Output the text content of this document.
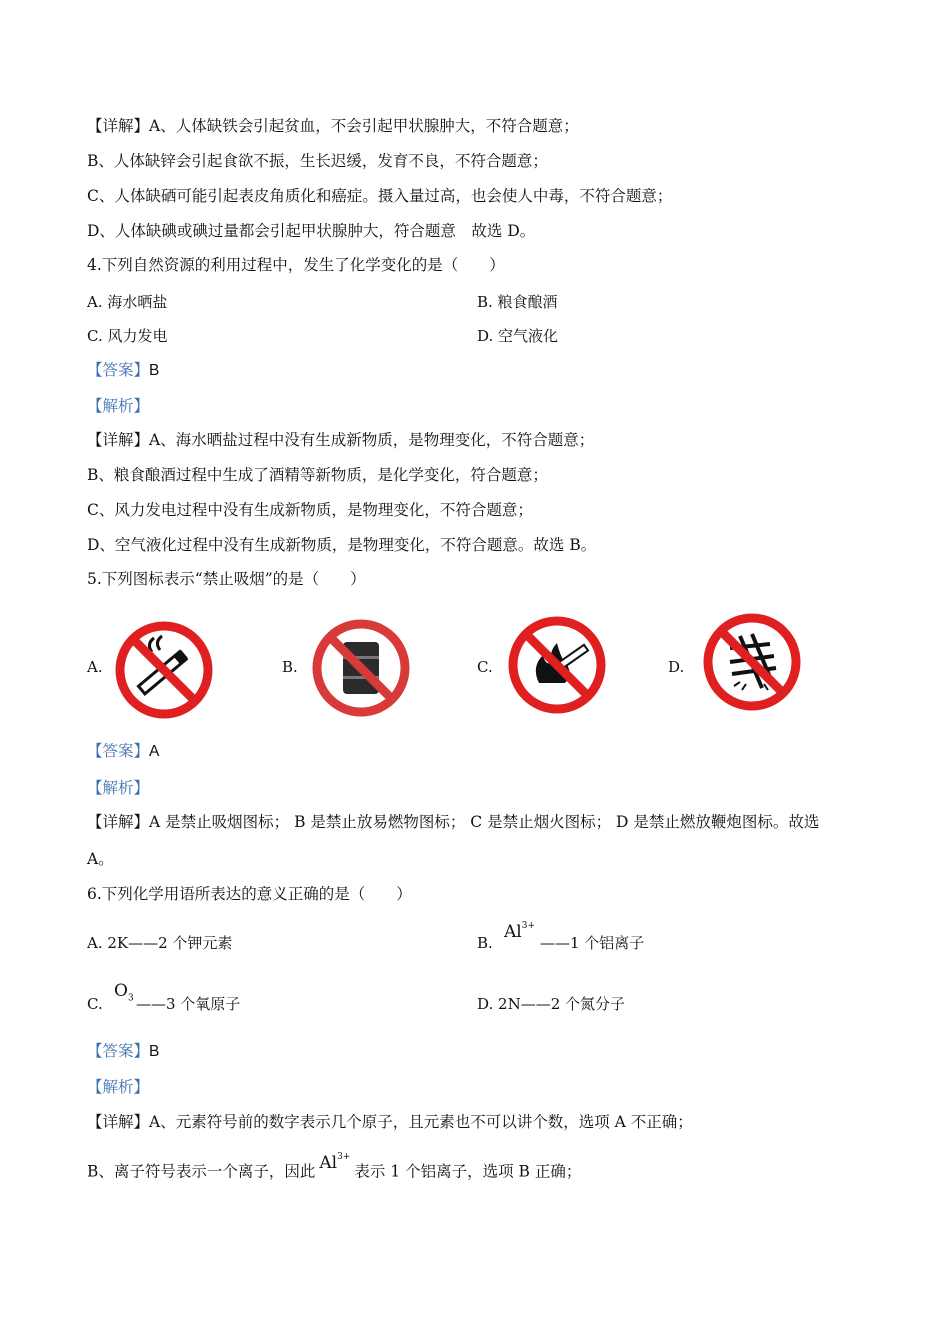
【详解】A、人体缺铁会引起贫血，不会引起甲状腺肿大，不符合题意；
B、人体缺锌会引起食欲不振，生长迟缓，发育不良，不符合题意；
C、人体缺硒可能引起表皮角质化和癌症。摄入量过高，也会使人中毒，不符合题意；
D、人体缺碘或碘过量都会引起甲状腺肿大，符合题意　故选 D。
4.下列自然资源的利用过程中，发生了化学变化的是（　　）
A. 海水晒盐	B. 粮食酿酒
C. 风力发电	D. 空气液化
【答案】B
【解析】
【详解】A、海水晒盐过程中没有生成新物质，是物理变化，不符合题意；
B、粮食酿酒过程中生成了酒精等新物质，是化学变化，符合题意；
C、风力发电过程中没有生成新物质，是物理变化，不符合题意；
D、空气液化过程中没有生成新物质，是物理变化，不符合题意。故选 B。
5.下列图标表示“禁止吸烟”的是（　　）
A.	B.	C.	D.
【答案】A
【解析】
【详解】A 是禁止吸烟图标； B 是禁止放易燃物图标； C 是禁止烟火图标； D 是禁止燃放鞭炮图标。故选
A。
6.下列化学用语所表达的意义正确的是（　　）
A. 2K——2 个钾元素	B.
$Al^{3+}$
——1 个铝离子
C.
$O_3$ ——3 个氧原子	D. 2N——2 个氮分子
【答案】B
【解析】
【详解】A、元素符号前的数字表示几个原子，且元素也不可以讲个数，选项 A 不正确；
B、离子符号表示一个离子，因此 $Al^{3+}$表示 1 个铝离子，选项 B 正确；
